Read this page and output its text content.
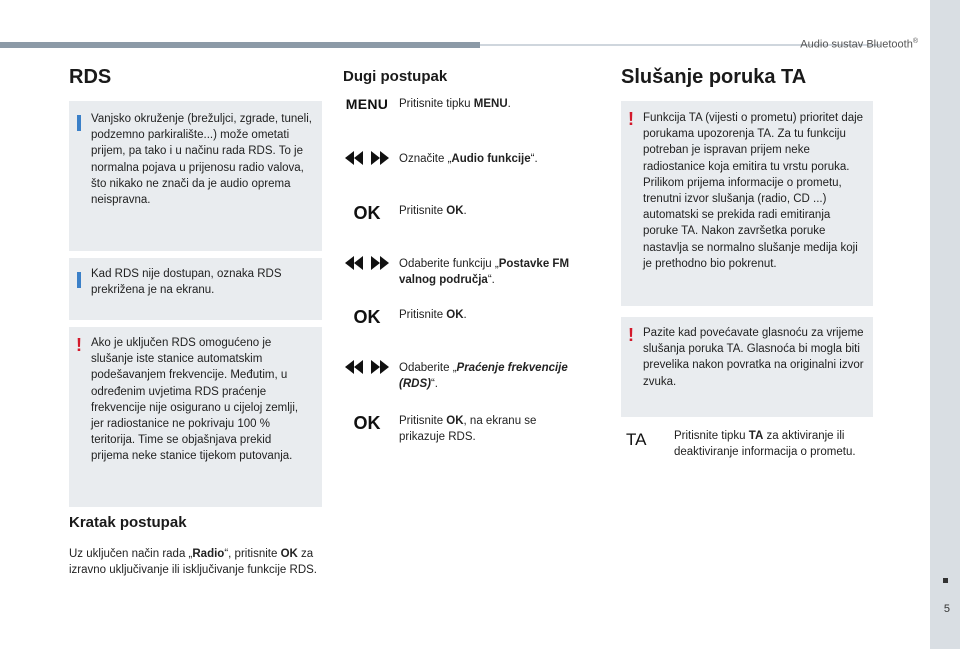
Audio sustav Bluetooth®
5
RDS

Vanjsko okruženje (brežuljci, zgrade, tuneli, podzemno parkiralište...) može ometati prijem, pa tako i u načinu rada RDS. To je normalna pojava u prijenosu radio valova, što nikako ne znači da je audio oprema neispravna.

Kad RDS nije dostupan, oznaka RDS prekrižena je na ekranu.

! Ako je uključen RDS omogućeno je slušanje iste stanice automatskim podešavanjem frekvencije. Međutim, u određenim uvjetima RDS praćenje frekvencije nije osigurano u cijeloj zemlji, jer radiostanice ne pokrivaju 100 % teritorija. Time se objašnjava prekid prijema neke stanice tijekom putovanja.

Kratak postupak

Uz uključen način rada „Radio“, pritisnite OK za izravno uključivanje ili isključivanje funkcije RDS.

Dugi postupak
MENU Pritisnite tipku MENU.
Označite „Audio funkcije“.
OK Pritisnite OK.
Odaberite funkciju „Postavke FM valnog područja“.
OK Pritisnite OK.
Odaberite „Praćenje frekvencije (RDS)“.
OK Pritisnite OK, na ekranu se prikazuje RDS.
Slušanje poruka TA
! Funkcija TA (vijesti o prometu) prioritet daje porukama upozorenja TA. Za tu funkciju potreban je ispravan prijem neke radiostanice koja emitira tu vrstu poruka. Prilikom prijema informacije o prometu, trenutni izvor slušanja (radio, CD ...) automatski se prekida radi emitiranja poruke TA. Nakon završetka poruke nastavlja se normalno slušanje medija koji je prethodno bio pokrenut.

! Pazite kad povećavate glasnoću za vrijeme slušanja poruka TA. Glasnoća bi mogla biti prevelika nakon povratka na originalni izvor zvuka.

TA Pritisnite tipku TA za aktiviranje ili deaktiviranje informacija o prometu.
